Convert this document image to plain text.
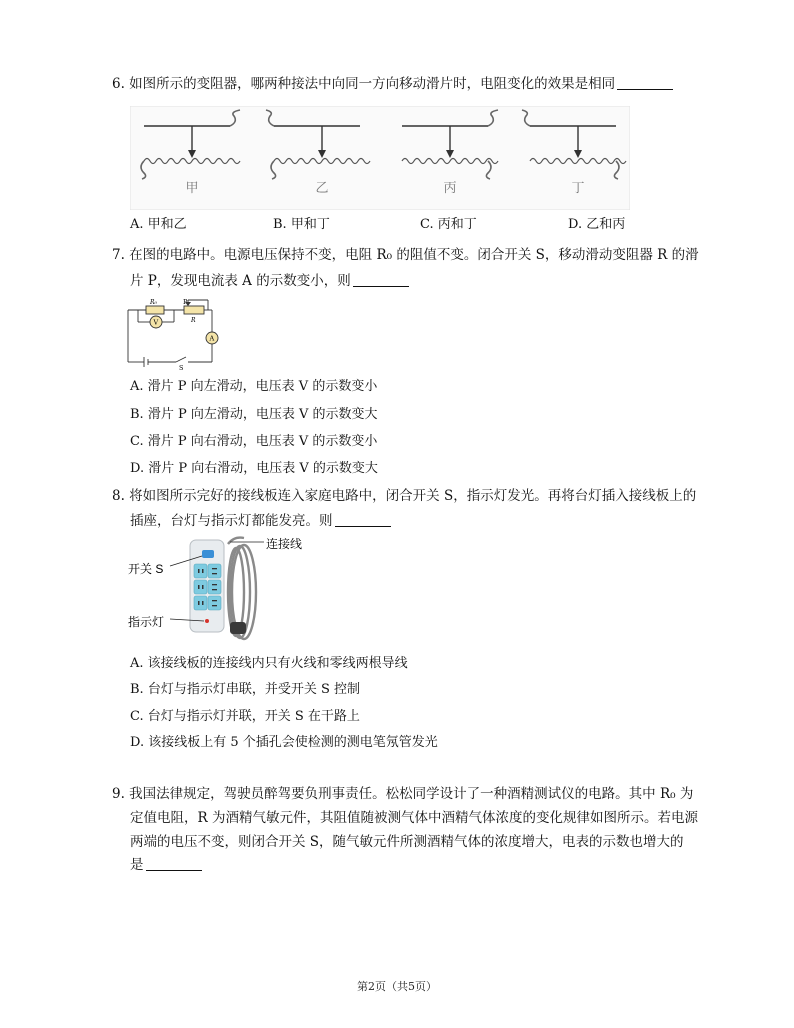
6. 如图所示的变阻器，哪两种接法中向同一方向移动滑片时，电阻变化的效果是相同
甲	乙	丙	丁
A. 甲和乙	B. 甲和丁	C. 丙和丁	D. 乙和丙
7. 在图的电路中。电源电压保持不变，电阻 R₀ 的阻值不变。闭合开关 S，移动滑动变阻器 R 的滑
片 P，发现电流表 A 的示数变小，则
R₀	P
R
V
A
S
A. 滑片 P 向左滑动，电压表 V 的示数变小
B. 滑片 P 向左滑动，电压表 V 的示数变大
C. 滑片 P 向右滑动，电压表 V 的示数变小
D. 滑片 P 向右滑动，电压表 V 的示数变大
8. 将如图所示完好的接线板连入家庭电路中，闭合开关 S，指示灯发光。再将台灯插入接线板上的
插座，台灯与指示灯都能发亮。则
连接线
开关 S
指示灯
A. 该接线板的连接线内只有火线和零线两根导线
B. 台灯与指示灯串联，并受开关 S 控制
C. 台灯与指示灯并联，开关 S 在干路上
D. 该接线板上有 5 个插孔会使检测的测电笔氖管发光
9. 我国法律规定，驾驶员醉驾要负刑事责任。松松同学设计了一种酒精测试仪的电路。其中 R₀ 为
定值电阻，R 为酒精气敏元件，其阻值随被测气体中酒精气体浓度的变化规律如图所示。若电源
两端的电压不变，则闭合开关 S，随气敏元件所测酒精气体的浓度增大，电表的示数也增大的
是
第2页（共5页）
